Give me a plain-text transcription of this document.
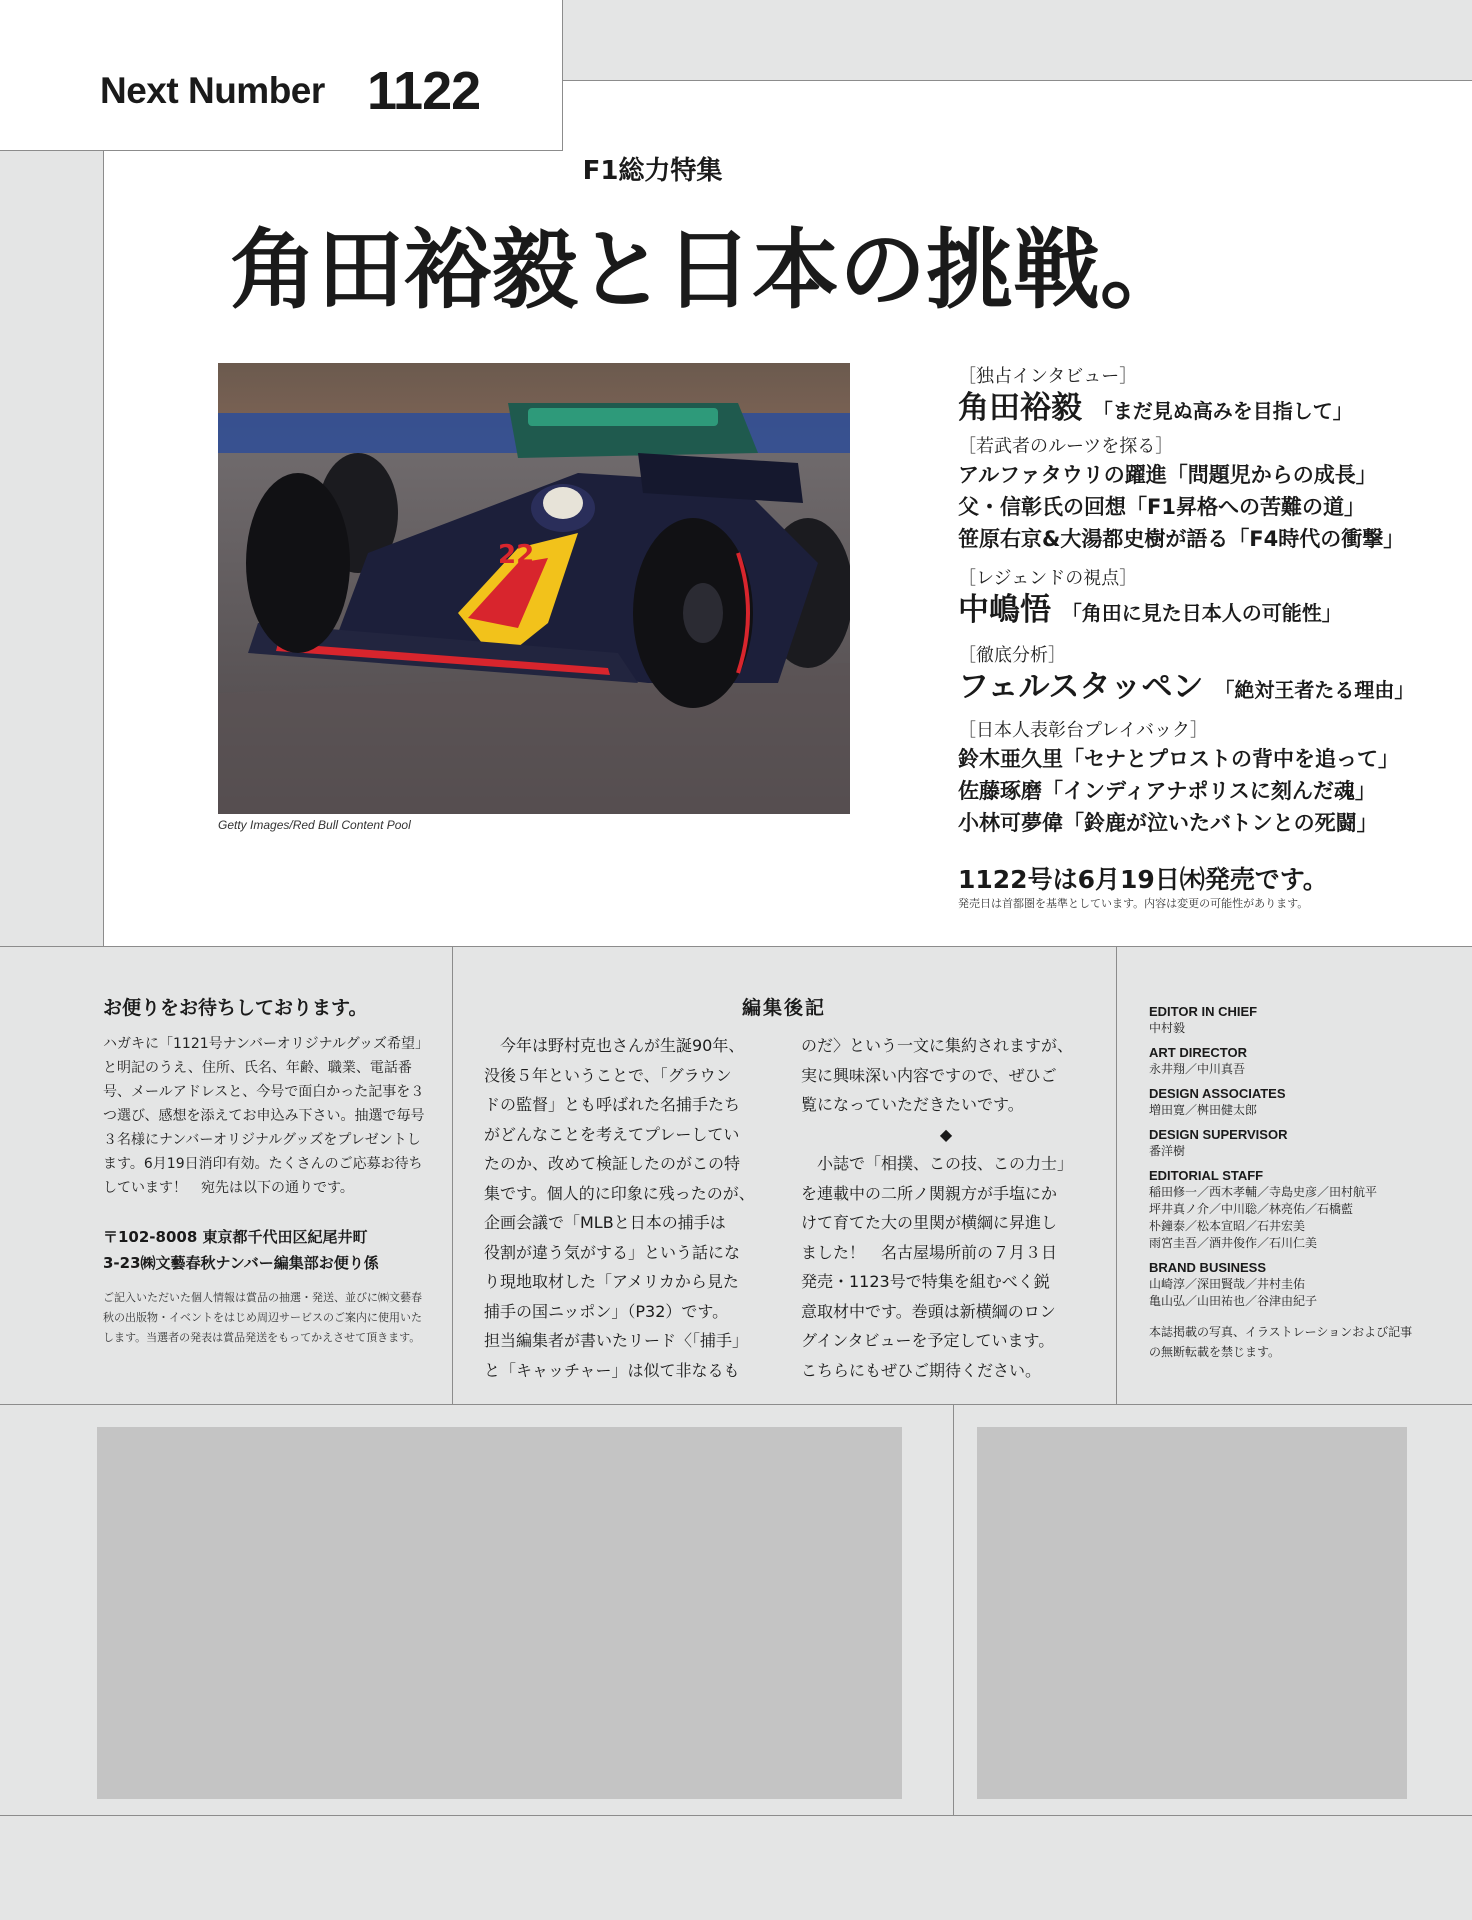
Next Number 1122
F1総力特集
角田裕毅と日本の挑戦。
22
Getty Images/Red Bull Content Pool
［独占インタビュー］
角田裕毅 「まだ見ぬ高みを目指して」
［若武者のルーツを探る］
アルファタウリの躍進「問題児からの成長」
父・信彰氏の回想「F1昇格への苦難の道」
笹原右京&大湯都史樹が語る「F4時代の衝撃」
［レジェンドの視点］
中嶋悟 「角田に見た日本人の可能性」
［徹底分析］
フェルスタッペン 「絶対王者たる理由」
［日本人表彰台プレイバック］
鈴木亜久里「セナとプロストの背中を追って」
佐藤琢磨「インディアナポリスに刻んだ魂」
小林可夢偉「鈴鹿が泣いたバトンとの死闘」
1122号は6月19日㈭発売です。
発売日は首都圏を基準としています。内容は変更の可能性があります。
お便りをお待ちしております。
ハガキに「1121号ナンバーオリジナルグッズ希望」と明記のうえ、住所、氏名、年齢、職業、電話番号、メールアドレスと、今号で面白かった記事を３つ選び、感想を添えてお申込み下さい。抽選で毎号３名様にナンバーオリジナルグッズをプレゼントします。6月19日消印有効。たくさんのご応募お待ちしています！　宛先は以下の通りです。
〒102-8008 東京都千代田区紀尾井町
3-23㈱文藝春秋ナンバー編集部お便り係
ご記入いただいた個人情報は賞品の抽選・発送、並びに㈱文藝春秋の出版物・イベントをはじめ周辺サービスのご案内に使用いたします。当選者の発表は賞品発送をもってかえさせて頂きます。
編集後記
　今年は野村克也さんが生誕90年、
没後５年ということで、「グラウン
ドの監督」とも呼ばれた名捕手たち
がどんなことを考えてプレーしてい
たのか、改めて検証したのがこの特
集です。個人的に印象に残ったのが、
企画会議で「MLBと日本の捕手は
役割が違う気がする」という話にな
り現地取材した「アメリカから見た
捕手の国ニッポン」（P32）です。
担当編集者が書いたリード〈「捕手」
と「キャッチャー」は似て非なるも
のだ〉という一文に集約されますが、
実に興味深い内容ですので、ぜひご
覧になっていただきたいです。
◆
　小誌で「相撲、この技、この力士」
を連載中の二所ノ関親方が手塩にか
けて育てた大の里関が横綱に昇進し
ました！　名古屋場所前の７月３日
発売・1123号で特集を組むべく鋭
意取材中です。巻頭は新横綱のロン
グインタビューを予定しています。
こちらにもぜひご期待ください。
EDITOR IN CHIEF
中村毅
ART DIRECTOR
永井翔／中川真吾
DESIGN ASSOCIATES
増田寛／桝田健太郎
DESIGN SUPERVISOR
番洋樹
EDITORIAL STAFF
稲田修一／西木孝輔／寺島史彦／田村航平
坪井真ノ介／中川聡／林亮佑／石橋藍
朴鐘泰／松本宣昭／石井宏美
雨宮圭吾／酒井俊作／石川仁美
BRAND BUSINESS
山崎淳／深田賢哉／井村圭佑
亀山弘／山田祐也／谷津由紀子
本誌掲載の写真、イラストレーションおよび記事の無断転載を禁じます。
